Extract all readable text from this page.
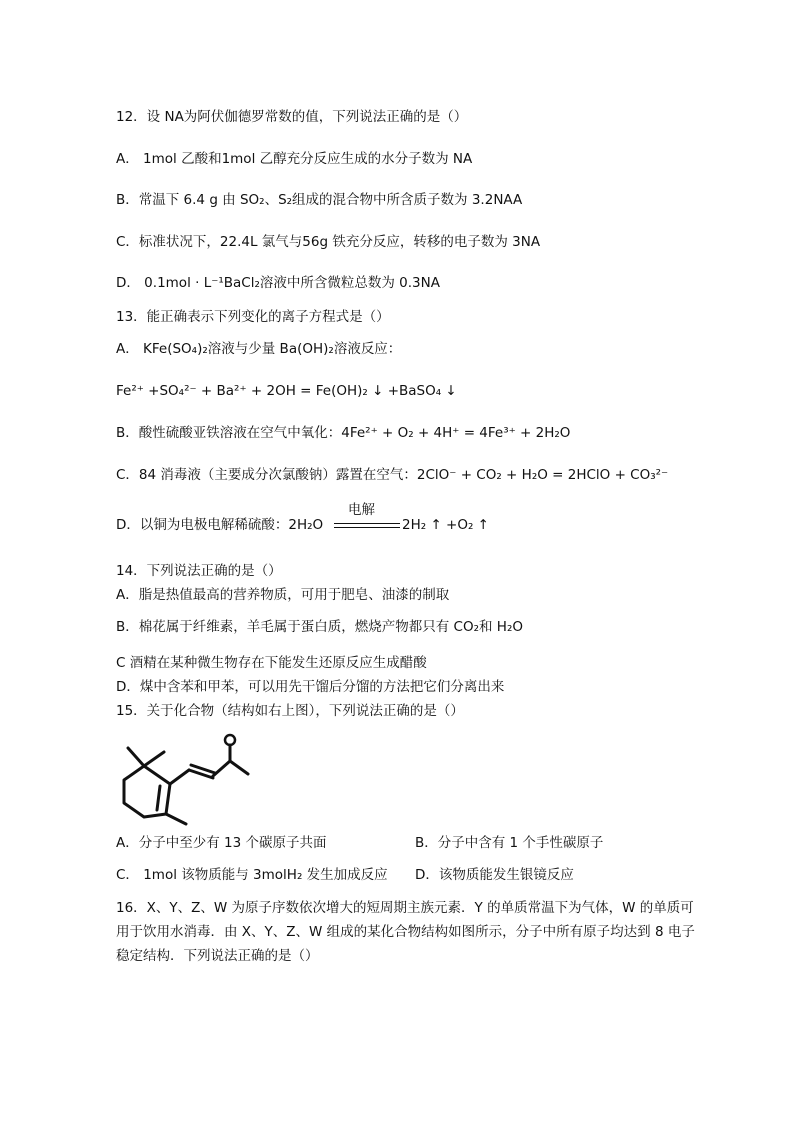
12．设 NA为阿伏伽德罗常数的值，下列说法正确的是（）
A． 1mol 乙酸和1mol 乙醇充分反应生成的水分子数为 NA
B．常温下 6.4 g 由 SO₂、S₂组成的混合物中所含质子数为 3.2NAA
C．标准状况下，22.4L 氯气与56g 铁充分反应，转移的电子数为 3NA
D． 0.1mol · L⁻¹BaCl₂溶液中所含微粒总数为 0.3NA
13．能正确表示下列变化的离子方程式是（）
A． KFe(SO₄)₂溶液与少量 Ba(OH)₂溶液反应：
Fe²⁺ +SO₄²⁻ + Ba²⁺ + 2OH = Fe(OH)₂ ↓ +BaSO₄ ↓
B．酸性硫酸亚铁溶液在空气中氧化：4Fe²⁺ + O₂ + 4H⁺ = 4Fe³⁺ + 2H₂O
C．84 消毒液（主要成分次氯酸钠）露置在空气：2ClO⁻ + CO₂ + H₂O = 2HClO + CO₃²⁻
D．以铜为电极电解稀硫酸：2H₂O
电解
2H₂ ↑ +O₂ ↑
14．下列说法正确的是（）
A．脂是热值最高的营养物质，可用于肥皂、油漆的制取
B．棉花属于纤维素，羊毛属于蛋白质，燃烧产物都只有 CO₂和 H₂O
C 酒精在某种微生物存在下能发生还原反应生成醋酸
D．煤中含苯和甲苯，可以用先干馏后分馏的方法把它们分离出来
15．关于化合物（结构如右上图），下列说法正确的是（）
A．分子中至少有 13 个碳原子共面	B．分子中含有 1 个手性碳原子
C． 1mol 该物质能与 3molH₂ 发生加成反应 D．该物质能发生银镜反应
16．X、Y、Z、W 为原子序数依次增大的短周期主族元素．Y 的单质常温下为气体，W 的单质可用于饮用水消毒．由 X、Y、Z、W 组成的某化合物结构如图所示，分子中所有原子均达到 8 电子稳定结构．下列说法正确的是（）
